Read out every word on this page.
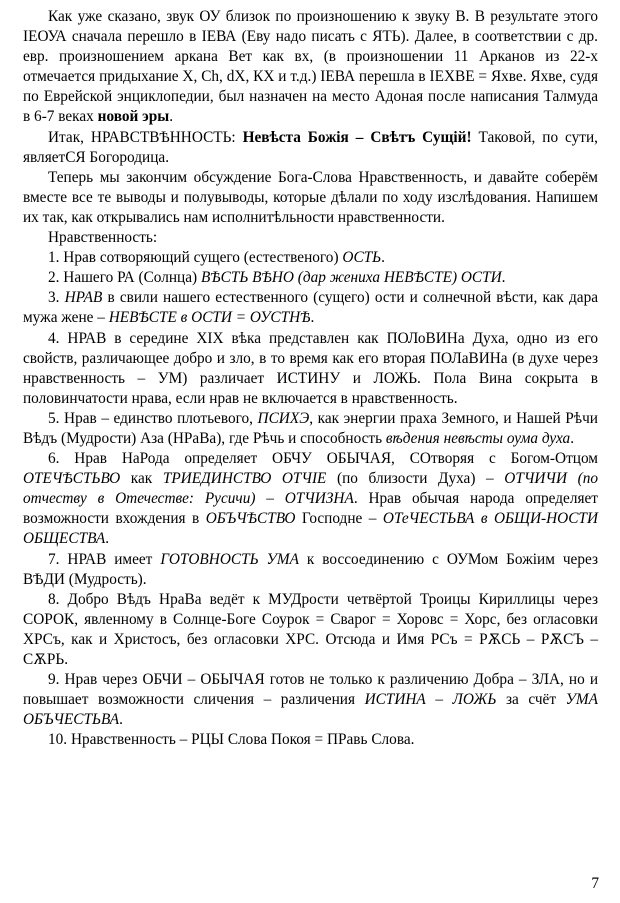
Как уже сказано, звук ОУ близок по произношению к звуку В. В результате этого ІЕОУА сначала перешло в ІЕВА (Еву надо писать с ЯТЬ). Далее, в соответствии с др. евр. произношением аркана Вет как вх, (в произношении 11 Арканов из 22-х отмечается придыхание Х, Ch, dX, КХ и т.д.) ІЕВА перешла в ІЕХВЕ = Яхве. Яхве, судя по Еврейской энциклопедии, был назначен на место Адоная после написания Талмуда в 6-7 веках новой эры.

Итак, НРАВСТВѢННОСТЬ: Невѣста Божія – Свѣтъ Сущій! Таковой, по сути, являетСЯ Богородица.

Теперь мы закончим обсуждение Бога-Слова Нравственность, и давайте соберём вместе все те выводы и полувыводы, которые дѣлали по ходу изслѣдования. Напишем их так, как открывались нам исполнитѣльности нравственности.

Нравственность:

1. Нрав сотворяющий сущего (естественого) ОСТЬ.

2. Нашего РА (Солнца) ВѢСТЬ ВѢНО (дар жениха НЕВѢСТЕ) ОСТИ.

3. НРАВ в свили нашего естественного (сущего) ости и солнечной вѣсти, как дара мужа жене – НЕВѢСТЕ в ОСТИ = ОУСТНѢ.

4. НРАВ в середине XIX вѣка представлен как ПОЛоВИНа Духа, одно из его свойств, различающее добро и зло, в то время как его вторая ПОЛаВИНа (в духе через нравственность – УМ) различает ИСТИНУ и ЛОЖЬ. Пола Вина сокрыта в половинчатости нрава, если нрав не включается в нравственность.

5. Нрав – единство плотьевого, ПСИХЭ, как энергии праха Земного, и Нашей Рѣчи Вѣдъ (Мудрости) Аза (НРаВа), где Рѣчь и способность вѣдения невѣсты оума духа.

6. Нрав НаРода определяет ОБЧУ ОБЫЧАЯ, СОтворяя с Богом-Отцом ОТЕЧѢСТЬВО как ТРИЕДИНСТВО ОТЧІЕ (по близости Духа) – ОТЧИЧИ (по отчеству в Отечестве: Русичи) – ОТЧИЗНА. Нрав обычая народа определяет возможности вхождения в ОБЪЧѢСТВО Господне – ОТеЧЕСТЬВА в ОБЩИ-НОСТИ ОБЩЕСТВА.

7. НРАВ имеет ГОТОВНОСТЬ УМА к воссоединению с ОУМом Божіим через ВѢДИ (Мудрость).

8. Добро Вѣдъ НраВа ведёт к МУДрости четвёртой Троицы Кириллицы через СОРОК, явленному в Солнце-Боге Соурок = Сварог = Хоровс = Хорс, без огласовки ХРСъ, как и Христосъ, без огласовки ХРС. Отсюда и Имя РСъ = РѪСЬ – РѪСЪ – СѪРЬ.

9. Нрав через ОБЧИ – ОБЫЧАЯ готов не только к различению Добра – ЗЛА, но и повышает возможности сличения – различения ИСТИНА – ЛОЖЬ за счёт УМА ОБЪЧЕСТЬВА.

10. Нравственность – РЦЫ Слова Покоя = ПРавь Слова.

7
